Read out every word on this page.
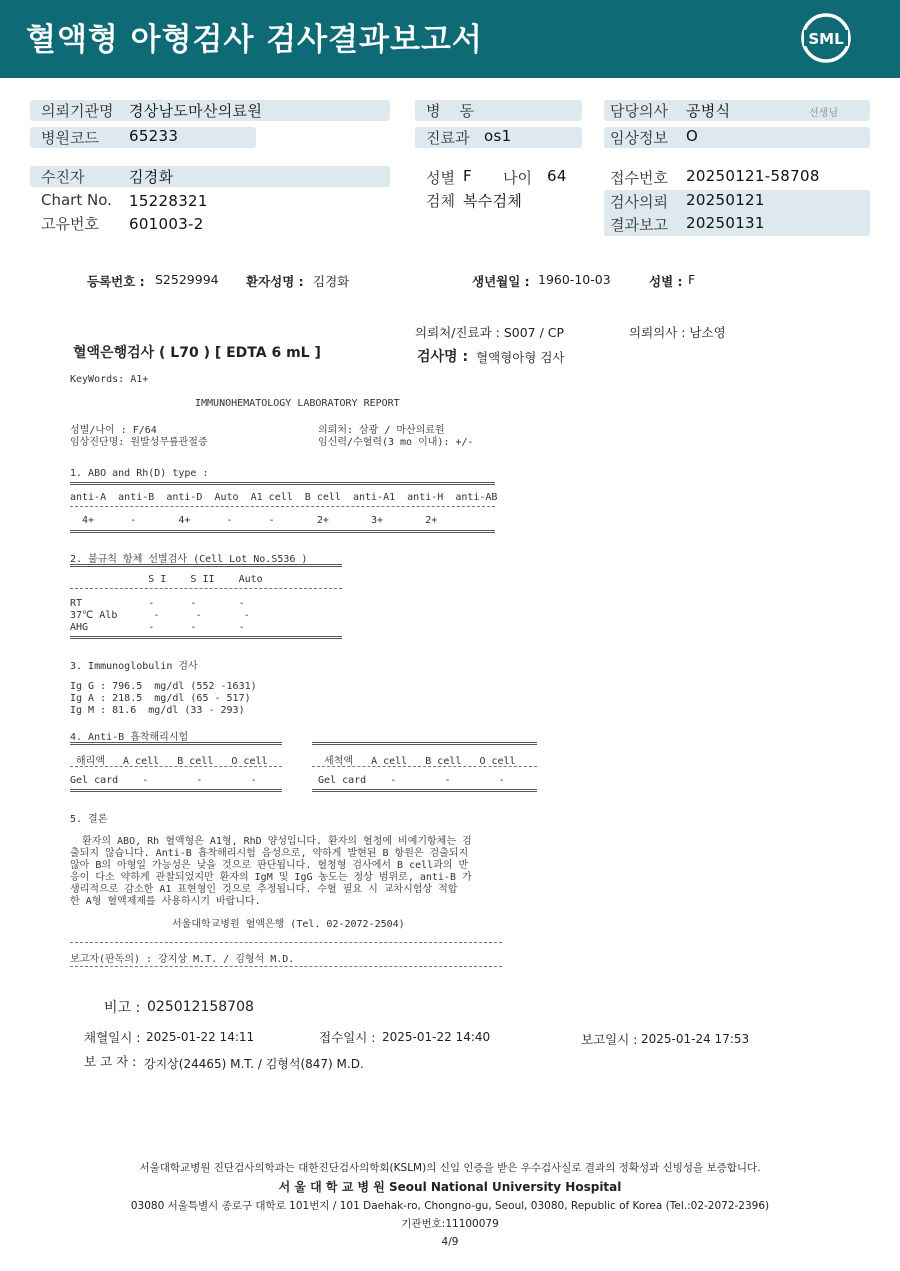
혈액형 아형검사 검사결과보고서	SML
의뢰기관명 경상남도마산의료원
병원코드 65233
수진자	김경화
Chart No. 15228321
고유번호 601003-2
병    동
진료과 os1
성별 F 나이 64
검체 복수검체
담당의사 공병식	선생님
임상정보 O
접수번호 20250121-58708
검사의뢰 20250121
결과보고 20250131
등록번호 : S2529994 환자성명 : 김경화	생년월일 : 1960-10-03	성별 : F
의뢰처/진료과 : S007 / CP	의뢰의사 : 남소영
혈액은행검사 ( L70 ) [ EDTA 6 mL ]	검사명 : 혈액형아형 검사
KeyWords: A1+
IMMUNOHEMATOLOGY LABORATORY REPORT
성별/나이 : F/64
임상진단명: 원발성무릎관절증
의뢰처: 삼광 / 마산의료원
임신력/수혈력(3 mo 이내): +/-
1. ABO and Rh(D) type :
anti-A  anti-B  anti-D  Auto  A1 cell  B cell  anti-A1  anti-H  anti-AB
4+      -       4+      -      -       2+       3+       2+
2. 불규칙 항체 선별검사 (Cell Lot No.S536 )
S I    S II    Auto
RT           -      -       -
37℃ Alb      -      -       -
AHG          -      -       -
3. Immunoglobulin 검사
Ig G : 796.5  mg/dl (552 -1631)
Ig A : 218.5  mg/dl (65 - 517)
Ig M : 81.6  mg/dl (33 - 293)
4. Anti-B 흡착해리시험
해리액   A cell   B cell   O cell	세척액   A cell   B cell   O cell
Gel card    -        -        -	Gel card    -        -        -
5. 결론
환자의 ABO, Rh 혈액형은 A1형, RhD 양성입니다. 환자의 혈청에 비예기항체는 검
출되지 않습니다. Anti-B 흡착해리시험 음성으로, 약하게 발현된 B 항원은 검출되지
않아 B의 아형일 가능성은 낮을 것으로 판단됩니다. 혈청형 검사에서 B cell과의 반
응이 다소 약하게 관찰되었지만 환자의 IgM 및 IgG 농도는 정상 범위로, anti-B 가
생리적으로 감소한 A1 표현형인 것으로 추정됩니다. 수혈 필요 시 교차시험상 적합
한 A형 혈액제제를 사용하시기 바랍니다.
서울대학교병원 혈액은행 (Tel. 02-2072-2504)
보고자(판독의) : 강지상 M.T. / 김형석 M.D.
비고 : 025012158708
채혈일시 : 2025-01-22 14:11	접수일시 : 2025-01-22 14:40	보고일시 : 2025-01-24 17:53
보 고 자 : 강지상(24465) M.T. / 김형석(847) M.D.
서울대학교병원 진단검사의학과는 대한진단검사의학회(KSLM)의 신임 인증을 받은 우수검사실로 결과의 정확성과 신빙성을 보증합니다.
서 울 대 학 교 병 원 Seoul National University Hospital
03080 서울특별시 종로구 대학로 101번지 / 101 Daehak-ro, Chongno-gu, Seoul, 03080, Republic of Korea (Tel.:02-2072-2396)
기관번호:11100079
4/9
